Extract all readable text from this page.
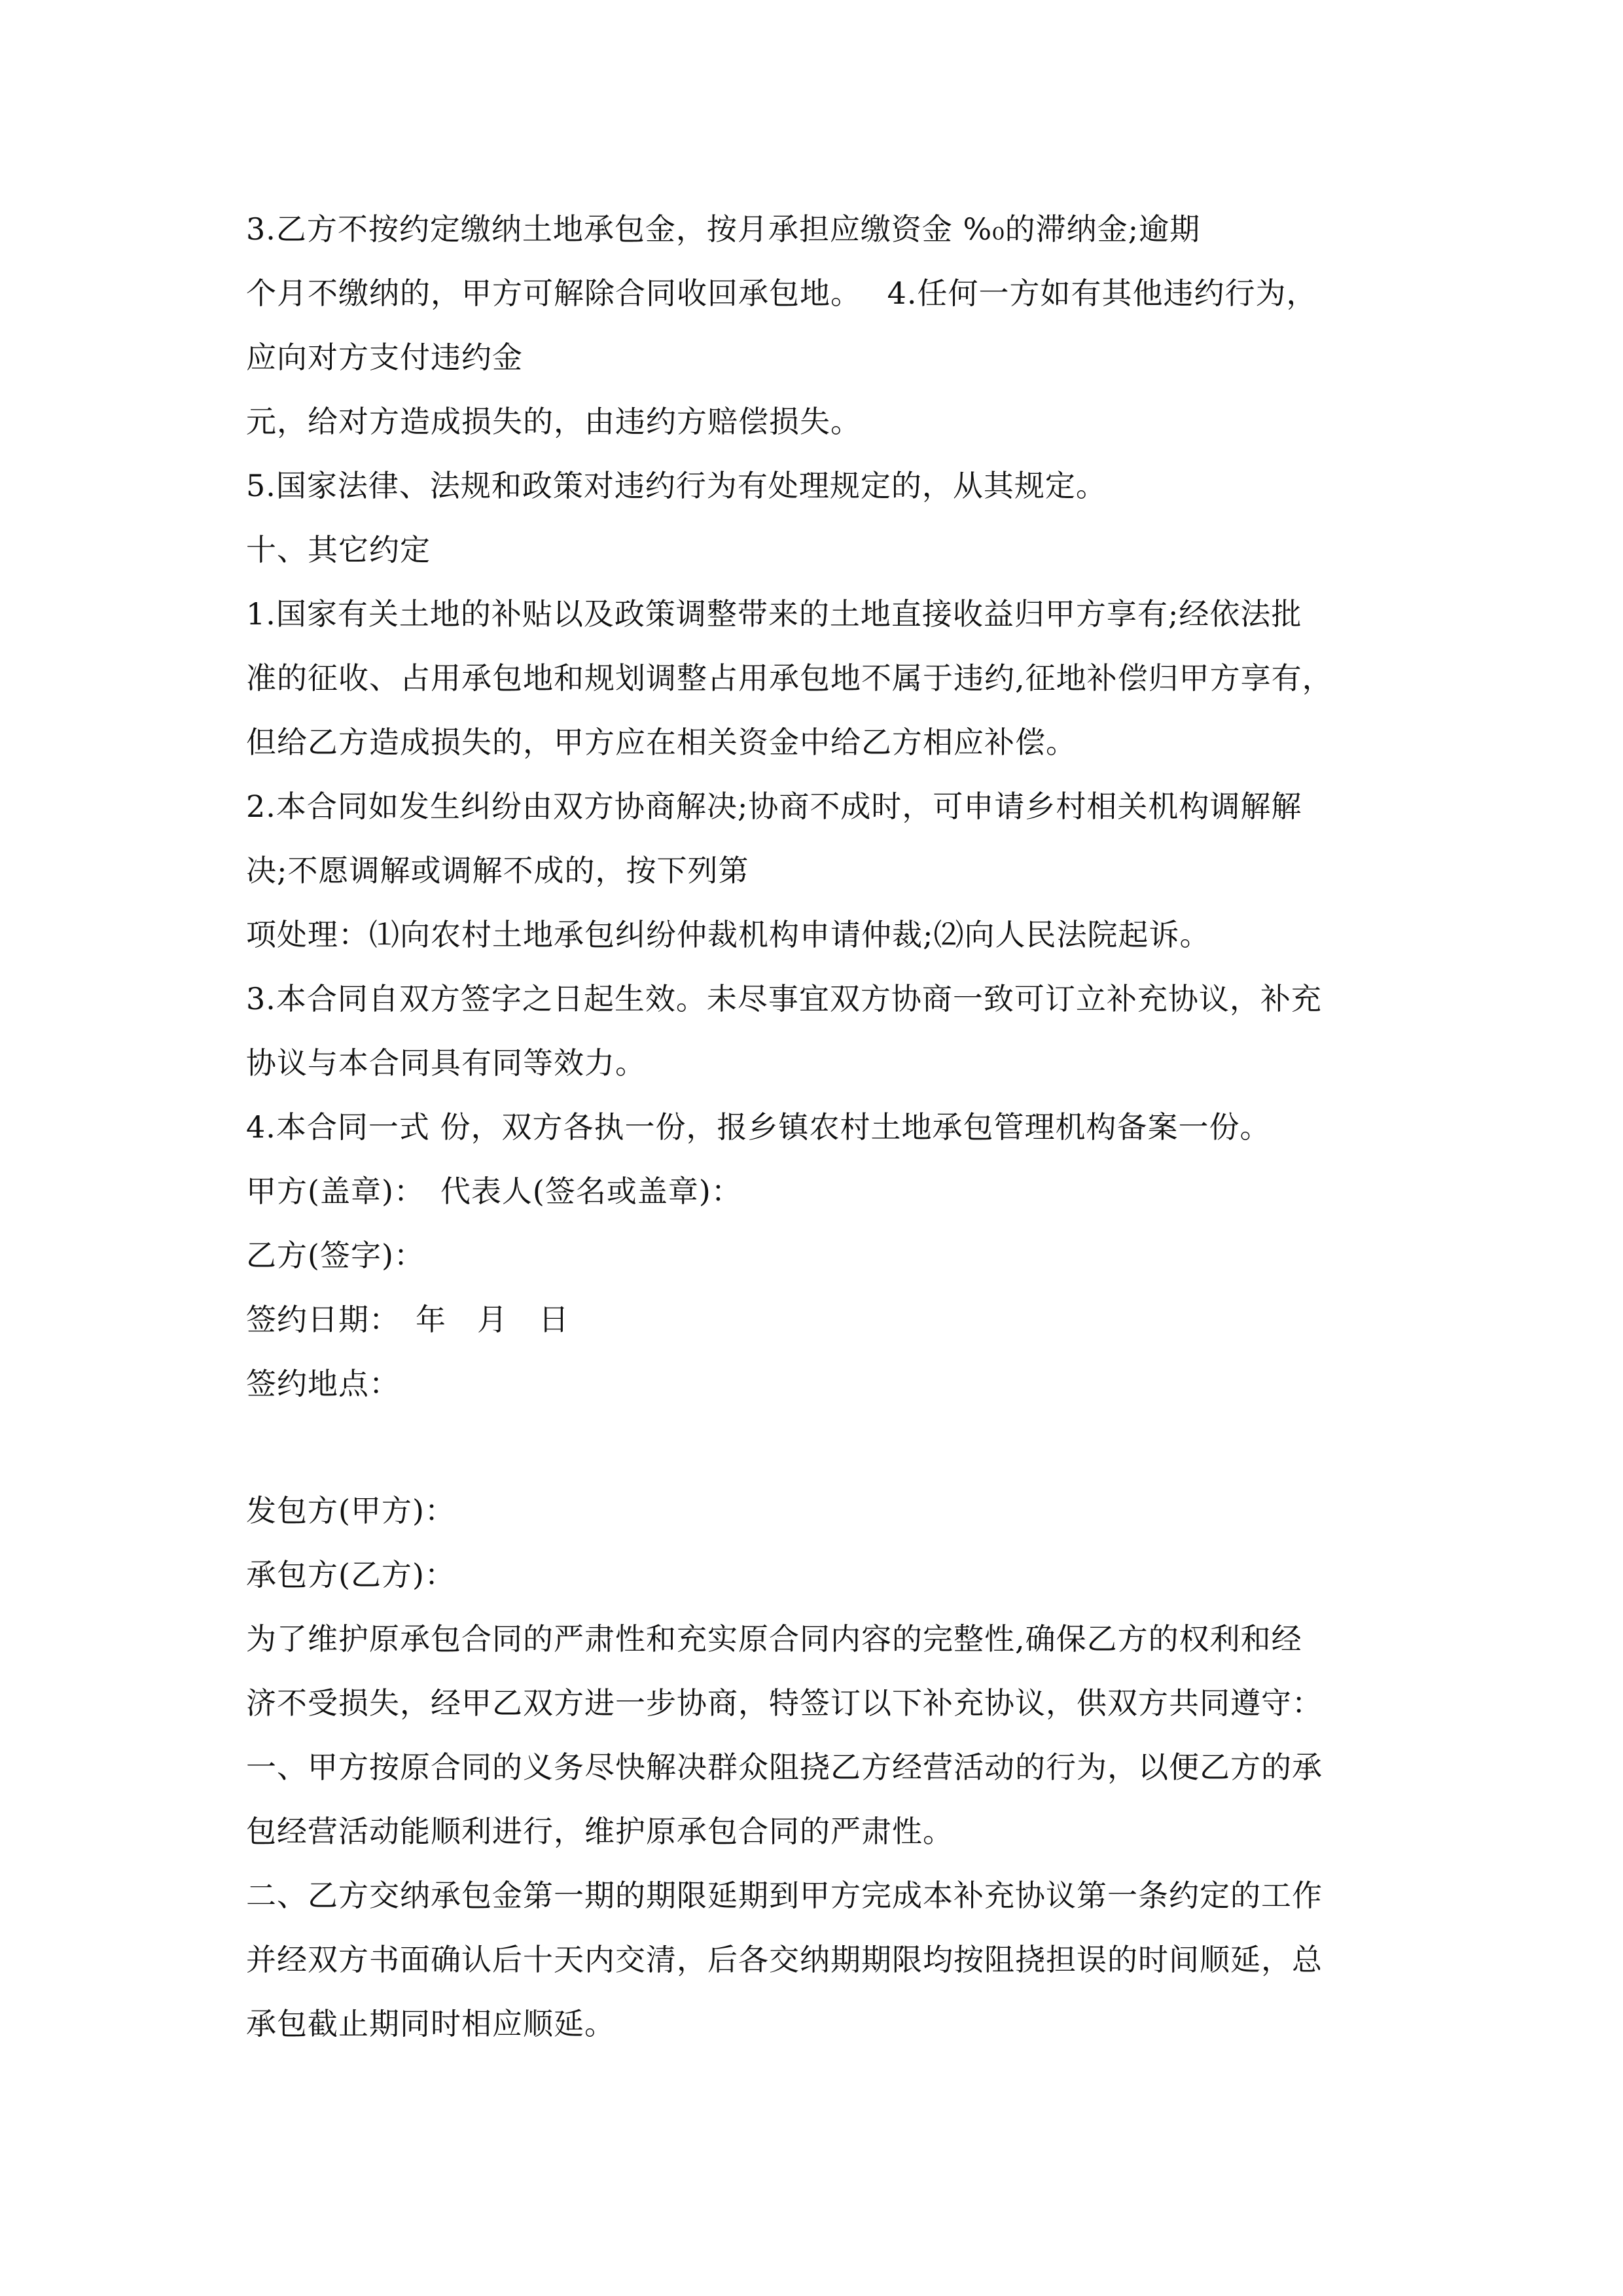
3.乙方不按约定缴纳土地承包金，按月承担应缴资金 %₀的滞纳金;逾期
个月不缴纳的，甲方可解除合同收回承包地。　 4.任何一方如有其他违约行为，
应向对方支付违约金
元，给对方造成损失的，由违约方赔偿损失。
5.国家法律、法规和政策对违约行为有处理规定的，从其规定。
十、其它约定
1.国家有关土地的补贴以及政策调整带来的土地直接收益归甲方享有;经依法批
准的征收、占用承包地和规划调整占用承包地不属于违约,征地补偿归甲方享有，
但给乙方造成损失的，甲方应在相关资金中给乙方相应补偿。
2.本合同如发生纠纷由双方协商解决;协商不成时，可申请乡村相关机构调解解
决;不愿调解或调解不成的，按下列第
项处理：⑴向农村土地承包纠纷仲裁机构申请仲裁;⑵向人民法院起诉。
3.本合同自双方签字之日起生效。未尽事宜双方协商一致可订立补充协议，补充
协议与本合同具有同等效力。
4.本合同一式 份，双方各执一份，报乡镇农村土地承包管理机构备案一份。
甲方(盖章)：　代表人(签名或盖章)：
乙方(签字)：
签约日期：　年　月　日
签约地点：
发包方(甲方)：
承包方(乙方)：
为了维护原承包合同的严肃性和充实原合同内容的完整性,确保乙方的权利和经
济不受损失，经甲乙双方进一步协商，特签订以下补充协议，供双方共同遵守：
一、甲方按原合同的义务尽快解决群众阻挠乙方经营活动的行为，以便乙方的承
包经营活动能顺利进行，维护原承包合同的严肃性。
二、乙方交纳承包金第一期的期限延期到甲方完成本补充协议第一条约定的工作
并经双方书面确认后十天内交清，后各交纳期期限均按阻挠担误的时间顺延，总
承包截止期同时相应顺延。
